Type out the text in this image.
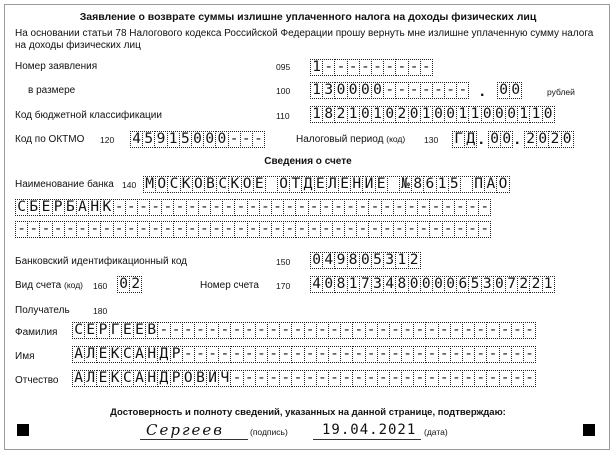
Заявление о возврате суммы излишне уплаченного налога на доходы физических лиц
На основании статьи 78 Налогового кодекса Российской Федерации прошу вернуть мне излишне уплаченную сумму налога на доходы физических лиц
Номер заявления	095 1 - - - - - - - - -
в размере	100 1 3 0 0 0 0 - - - - - - - . 0 0	рублей
Код бюджетной классификации	110 1 8 2 1 0 1 0 2 0 1 0 0 1 1 0 0 0 1 1 0
Код по ОКТМО 120 4 5 9 1 5 0 0 0 - - -	Налоговый период (код) 130 Г Д . 0 0 . 2 0 2 0
Сведения о счете
Наименование банка 140 М О С К О В С К О Е О Т Д Е Л Е Н И Е № 8 6 1 5 П А О
С Б Е Р Б А Н К - - - - - - - - - - - - - - - - - - - - - - - - - - - - - - -
- - - - - - - - - - - - - - - - - - - - - - - - - - - - - - - - - - - - - - -
Банковский идентификационный код	150 0 4 9 8 0 5 3 1 2
Вид счета (код) 160 0 2	Номер счета 170 4 0 8 1 7 3 4 8 0 0 0 0 6 5 3 0 7 2 2 1
Получатель	180
Фамилия С Е Р Г Е Е В - - - - - - - - - - - - - - - - - - - - - - - - - - - - - - -
Имя	А Л Е К С А Н Д Р - - - - - - - - - - - - - - - - - - - - - - - - - - - - -
Отчество А Л Е К С А Н Д Р О В И Ч - - - - - - - - - - - - - - - - - - - - - - - - -
Достоверность и полноту сведений, указанных на данной странице, подтверждаю:
Сергеев	(подпись) 19.04.2021 (дата)
